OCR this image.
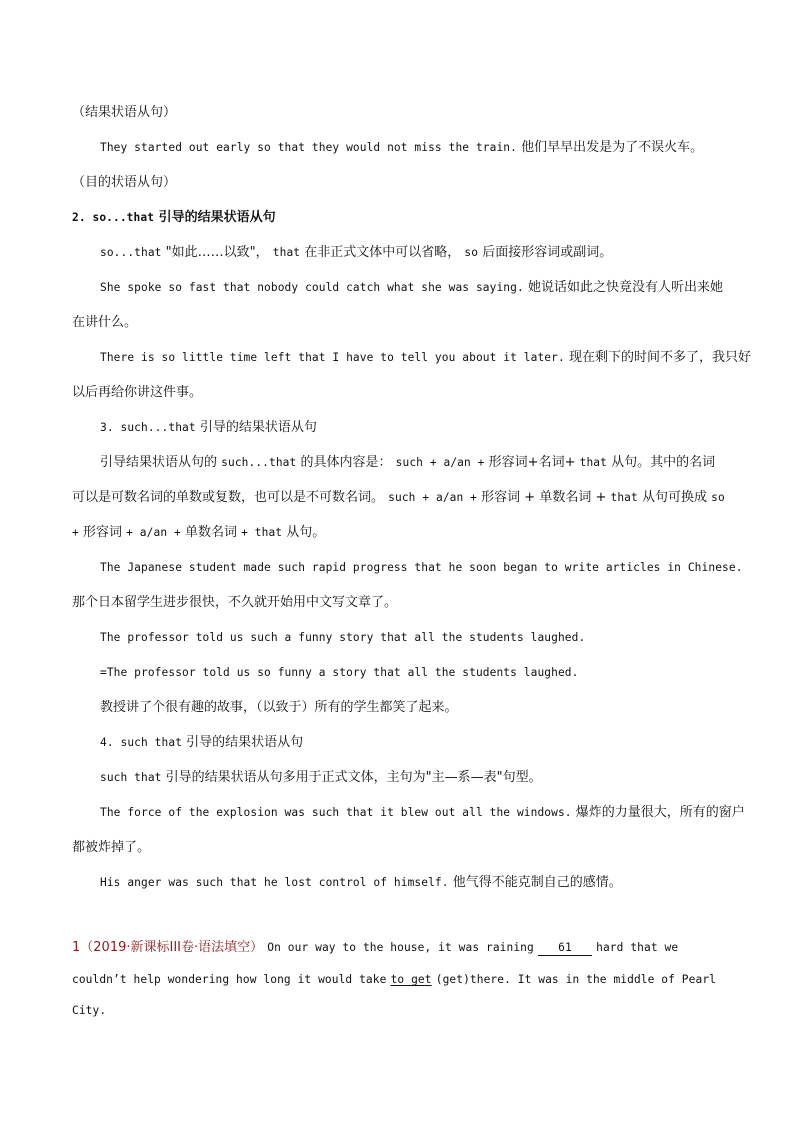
（结果状语从句）
They started out early so that they would not miss the train. 他们早早出发是为了不误火车。
（目的状语从句）
2. so...that 引导的结果状语从句
so...that "如此……以致"， that 在非正式文体中可以省略， so 后面接形容词或副词。
She spoke so fast that nobody could catch what she was saying. 她说话如此之快竟没有人听出来她
在讲什么。
There is so little time left that I have to tell you about it later. 现在剩下的时间不多了，我只好
以后再给你讲这件事。
3. such...that 引导的结果状语从句
引导结果状语从句的 such...that 的具体内容是： such + a/an + 形容词+名词+ that 从句。其中的名词
可以是可数名词的单数或复数，也可以是不可数名词。 such + a/an + 形容词 + 单数名词 + that 从句可换成 so
+ 形容词 + a/an + 单数名词 + that 从句。
The Japanese student made such rapid progress that he soon began to write articles in Chinese.
那个日本留学生进步很快，不久就开始用中文写文章了。
The professor told us such a funny story that all the students laughed.
=The professor told us so funny a story that all the students laughed.
教授讲了个很有趣的故事，（以致于）所有的学生都笑了起来。
4. such that 引导的结果状语从句
such that 引导的结果状语从句多用于正式文体，主句为"主—系—表"句型。
The force of the explosion was such that it blew out all the windows. 爆炸的力量很大，所有的窗户
都被炸掉了。
His anger was such that he lost control of himself. 他气得不能克制自己的感情。
1（2019·新课标III卷·语法填空） On our way to the house, it was raining 61 hard that we
couldn’t help wondering how long it would take to get (get)there. It was in the middle of Pearl
City.
